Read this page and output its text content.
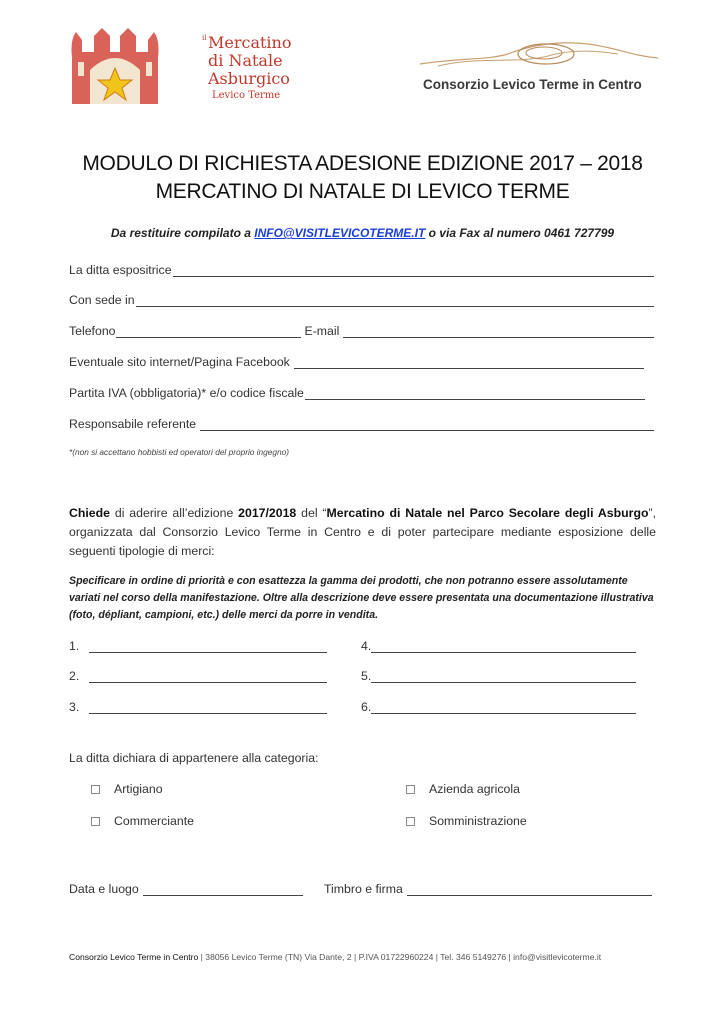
il Mercatino
di Natale
Asburgico
Levico Terme
Consorzio Levico Terme in Centro
MODULO DI RICHIESTA ADESIONE EDIZIONE 2017 – 2018
MERCATINO DI NATALE DI LEVICO TERME
Da restituire compilato a INFO@VISITLEVICOTERME.IT o via Fax al numero 0461 727799
La ditta espositrice
Con sede in
Telefono	E-mail
Eventuale sito internet/Pagina Facebook
Partita IVA (obbligatoria)* e/o codice fiscale
Responsabile referente
*(non si accettano hobbisti ed operatori del proprio ingegno)
Chiede di aderire all’edizione 2017/2018 del “Mercatino di Natale nel Parco Secolare degli Asburgo”, organizzata dal Consorzio Levico Terme in Centro e di poter partecipare mediante esposizione delle seguenti tipologie di merci:
Specificare in ordine di priorità e con esattezza la gamma dei prodotti, che non potranno essere assolutamente variati nel corso della manifestazione. Oltre alla descrizione deve essere presentata una documentazione illustrativa (foto, dépliant, campioni, etc.) delle merci da porre in vendita.
1.
2.
3.
4.
5.
6.
La ditta dichiara di appartenere alla categoria:
Artigiano	Azienda agricola
Commerciante	Somministrazione
Data e luogo	Timbro e firma
Consorzio Levico Terme in Centro | 38056 Levico Terme (TN) Via Dante, 2 | P.IVA 01722960224 | Tel. 346 5149276 | info@visitlevicoterme.it
